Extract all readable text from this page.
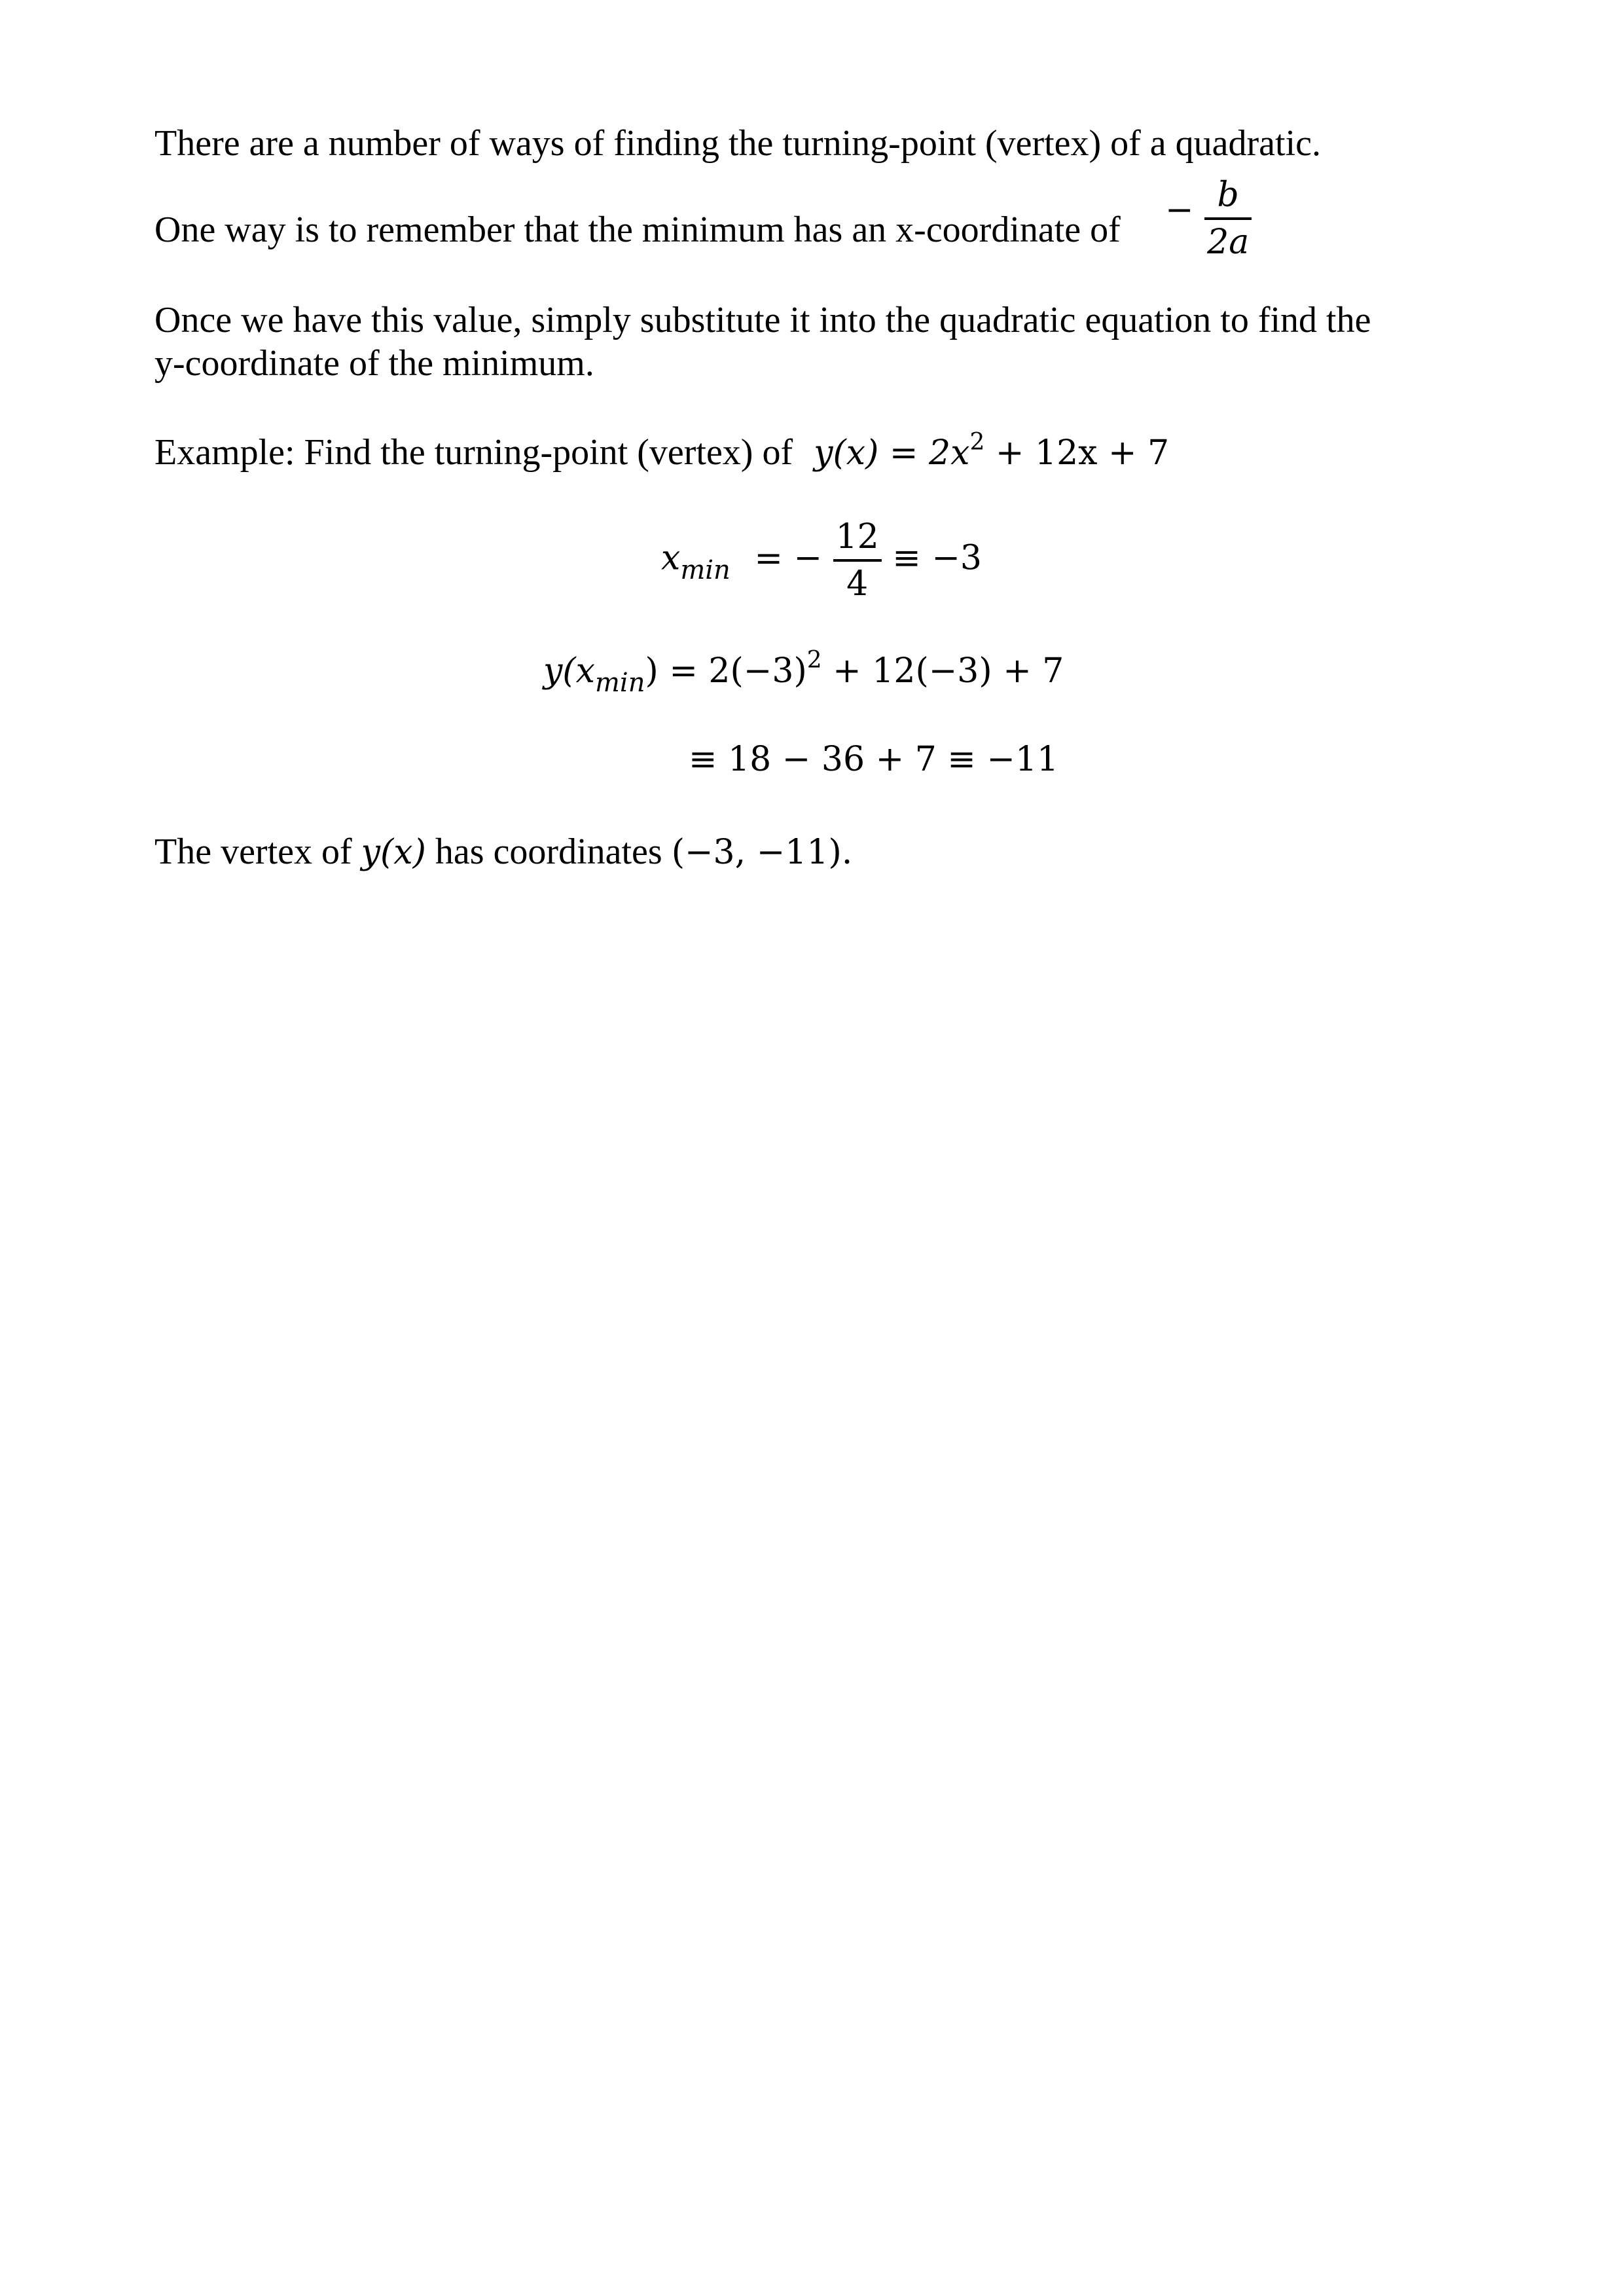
There are a number of ways of finding the turning-point (vertex) of a quadratic.
One way is to remember that the minimum has an x-coordinate of − $\frac{b}{2a}$
Once we have this value, simply substitute it into the quadratic equation to find the
y-coordinate of the minimum.
Example: Find the turning-point (vertex) of $y(x) = 2x^2 + 12x + 7$
$x_{min}$ = − $\frac{12}{4} \equiv -3$
$y(x_{min}) = 2(-3)^2 + 12(-3) + 7$
≡ 18 − 36 + 7 ≡ −11
The vertex of y(x) has coordinates (−3, −11).
